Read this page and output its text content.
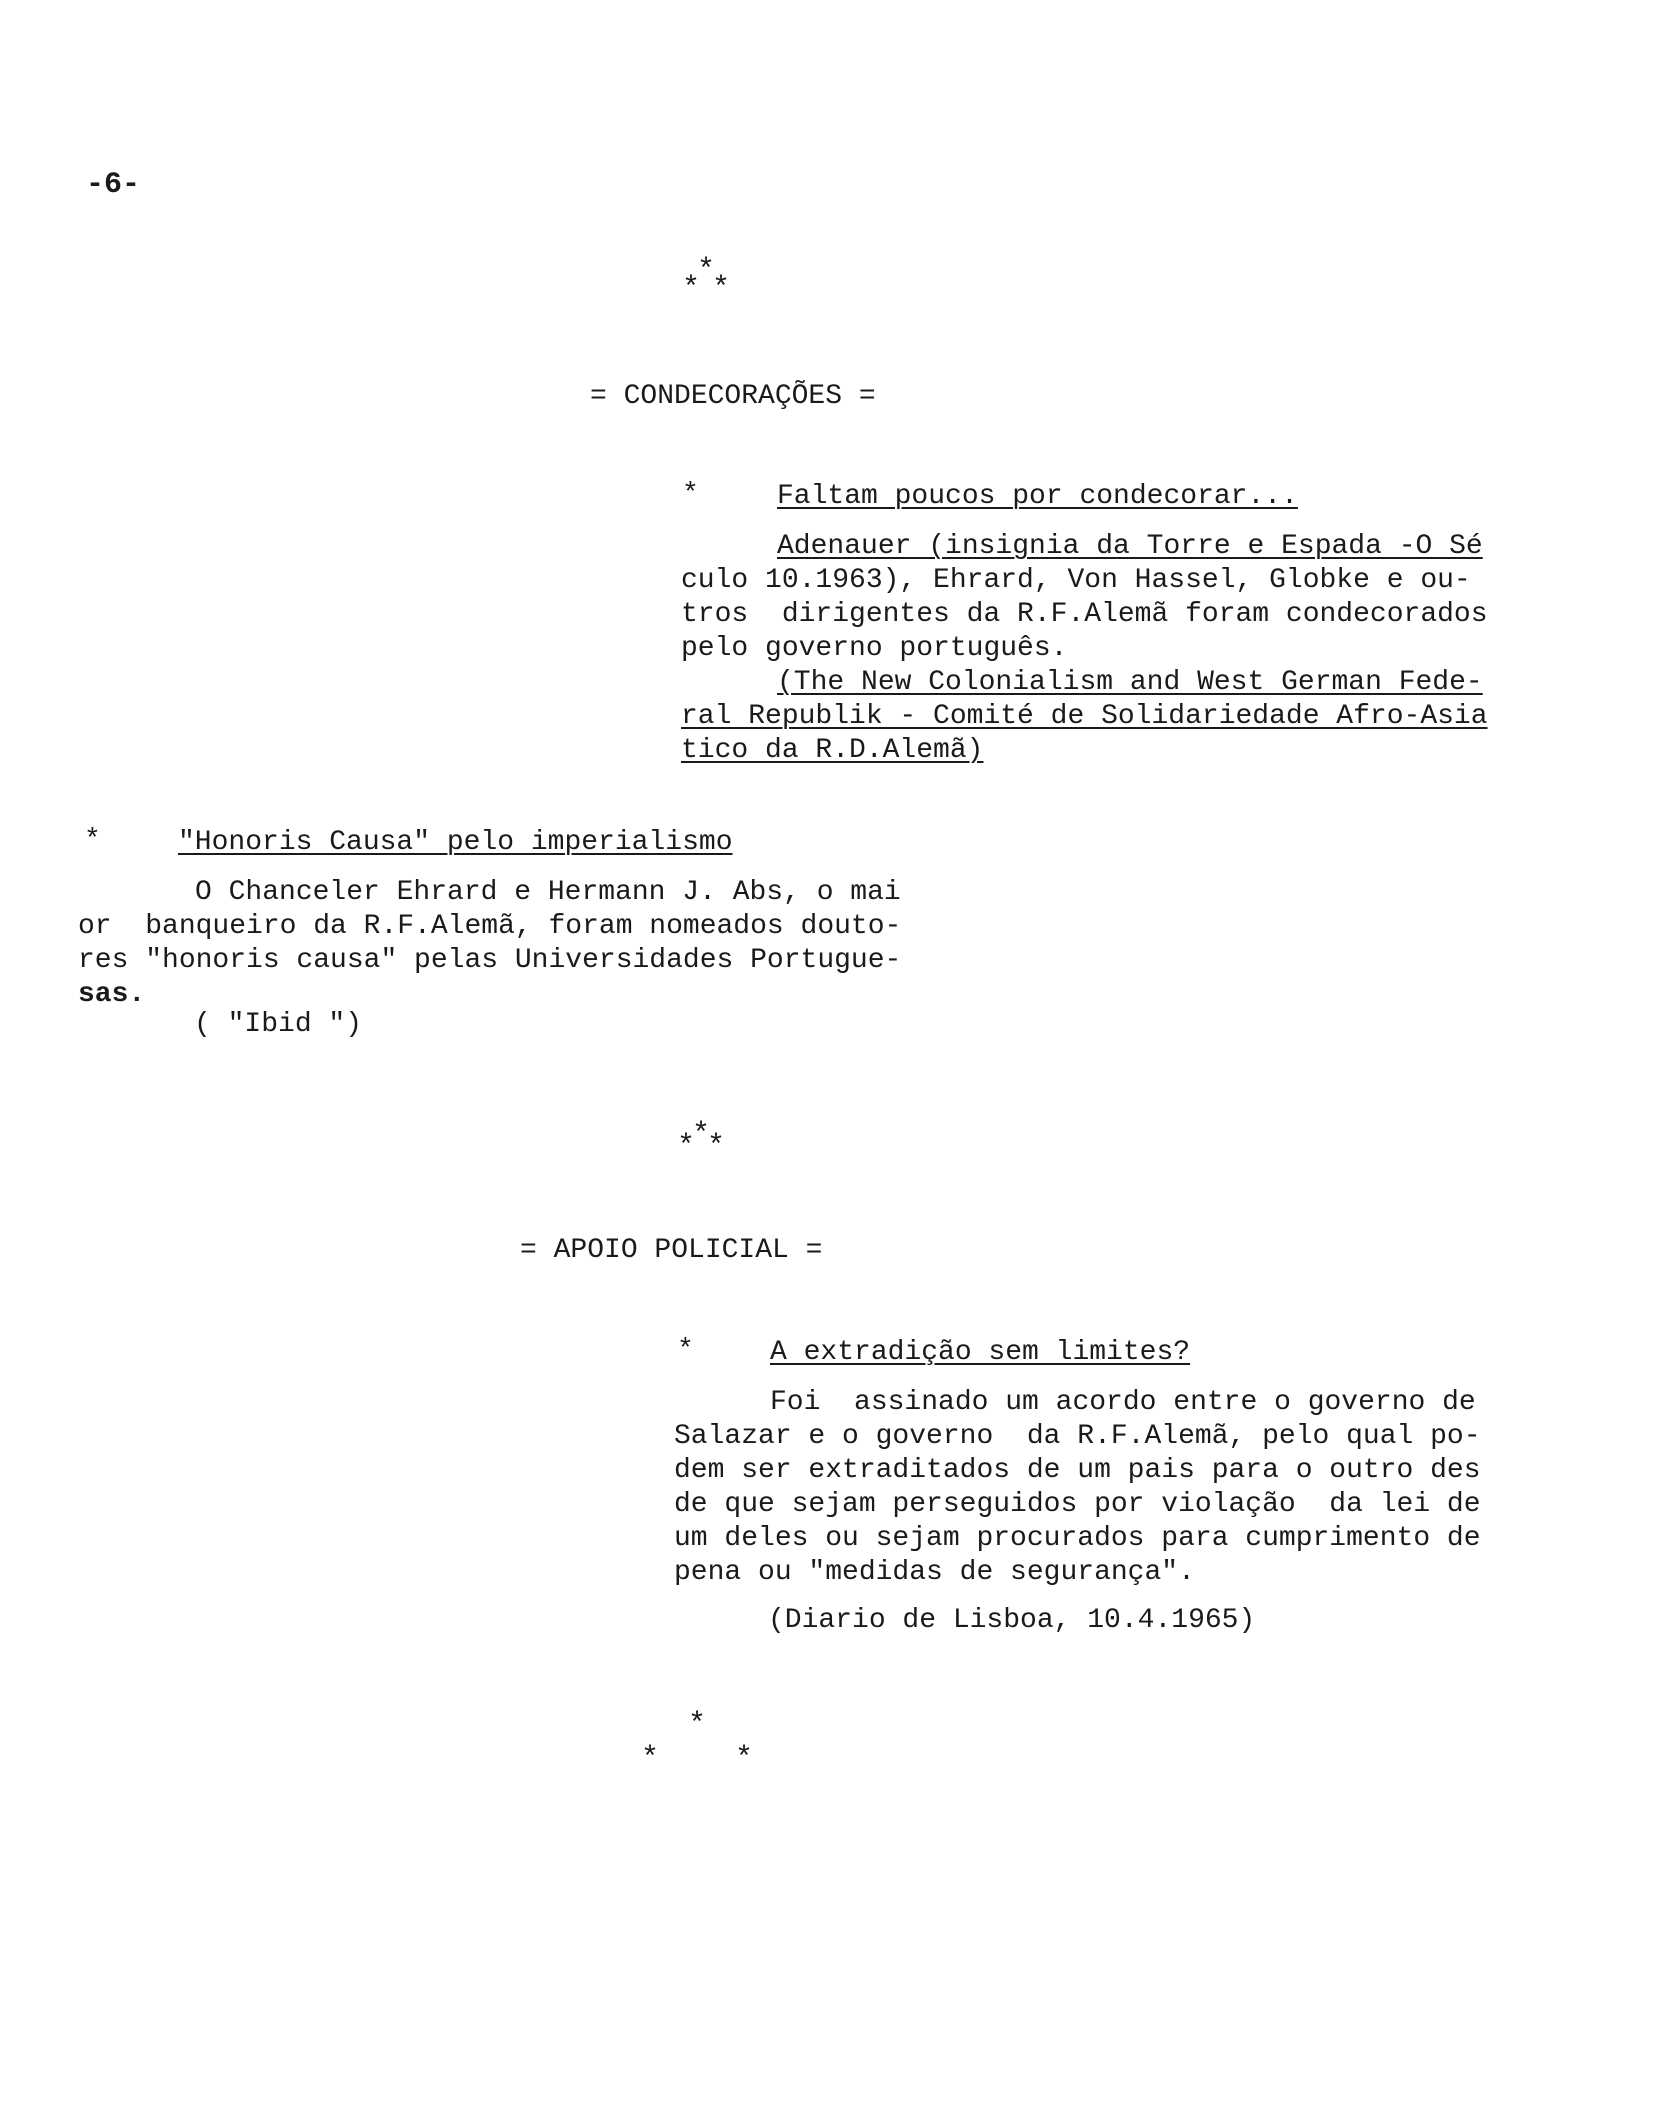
-6-
*
* *
= CONDECORAÇÕES =
*	Faltam poucos por condecorar...
Adenauer (insignia da Torre e Espada -O Sé
culo 10.1963), Ehrard, Von Hassel, Globke e ou-
tros  dirigentes da R.F.Alemã foram condecorados
pelo governo português.
(The New Colonialism and West German Fede-
ral Republik - Comité de Solidariedade Afro-Asia
tico da R.D.Alemã)
*	"Honoris Causa" pelo imperialismo
O Chanceler Ehrard e Hermann J. Abs, o mai
or  banqueiro da R.F.Alemã, foram nomeados douto-
res "honoris causa" pelas Universidades Portugue-
sas.
( "Ibid ")
*
*
*
= APOIO POLICIAL =
*	A extradição sem limites?
Foi  assinado um acordo entre o governo de
Salazar e o governo  da R.F.Alemã, pelo qual po-
dem ser extraditados de um pais para o outro des
de que sejam perseguidos por violação  da lei de
um deles ou sejam procurados para cumprimento de
pena ou "medidas de segurança".
(Diario de Lisboa, 10.4.1965)
*
*	*
